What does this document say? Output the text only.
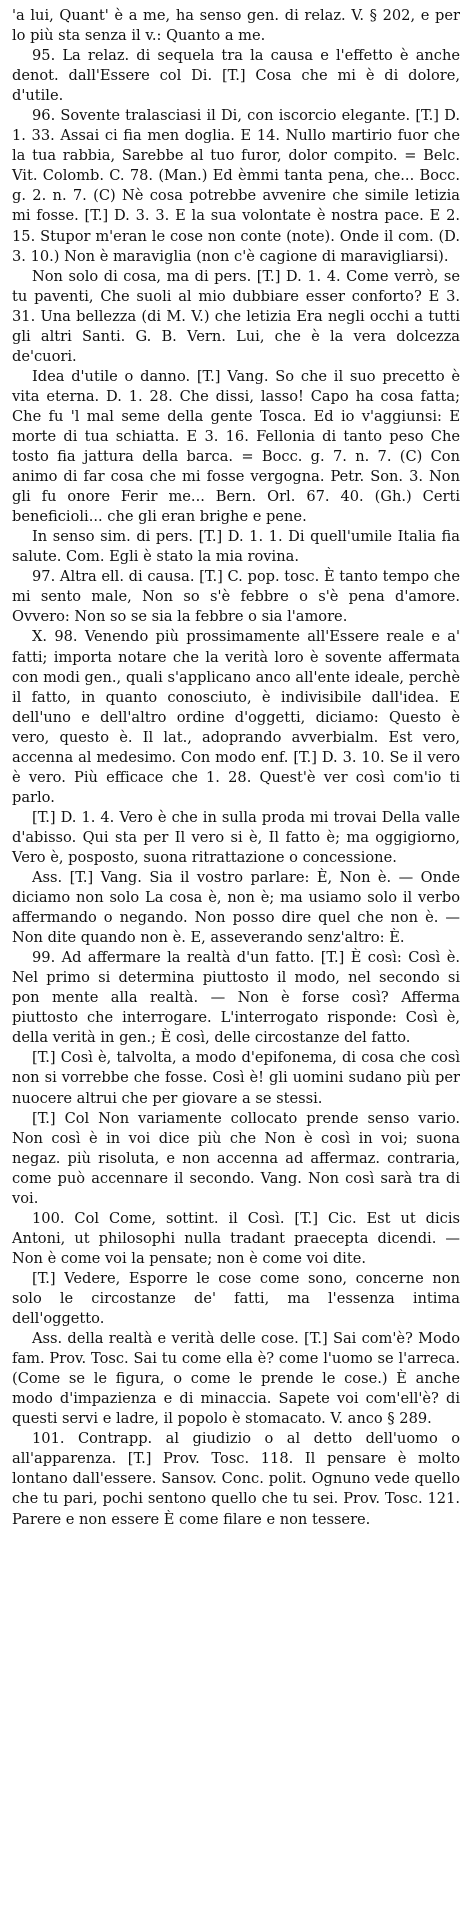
'a lui, Quant' è a me, ha senso gen. di relaz. V. § 202, e per lo più sta senza il v.: Quanto a me.

95. La relaz. di sequela tra la causa e l'effetto è anche denot. dall'Essere col Di. [T.] Cosa che mi è di dolore, d'utile.

96. Sovente tralasciasi il Di, con iscorcio elegante. [T.] D. 1. 33. Assai ci fia men doglia. E 14. Nullo martirio fuor che la tua rabbia, Sarebbe al tuo furor, dolor compito. = Belc. Vit. Colomb. C. 78. (Man.) Ed èmmi tanta pena, che... Bocc. g. 2. n. 7. (C) Nè cosa potrebbe avvenire che simile letizia mi fosse. [T.] D. 3. 3. E la sua volontate è nostra pace. E 2. 15. Stupor m'eran le cose non conte (note). Onde il com. (D. 3. 10.) Non è maraviglia (non c'è cagione di maravigliarsi).

Non solo di cosa, ma di pers. [T.] D. 1. 4. Come verrò, se tu paventi, Che suoli al mio dubbiare esser conforto? E 3. 31. Una bellezza (di M. V.) che letizia Era negli occhi a tutti gli altri Santi. G. B. Vern. Lui, che è la vera dolcezza de'cuori.

Idea d'utile o danno. [T.] Vang. So che il suo precetto è vita eterna. D. 1. 28. Che dissi, lasso! Capo ha cosa fatta; Che fu 'l mal seme della gente Tosca. Ed io v'aggiunsi: E morte di tua schiatta. E 3. 16. Fellonia di tanto peso Che tosto fia jattura della barca. = Bocc. g. 7. n. 7. (C) Con animo di far cosa che mi fosse vergogna. Petr. Son. 3. Non gli fu onore Ferir me... Bern. Orl. 67. 40. (Gh.) Certi beneficioli... che gli eran brighe e pene.

In senso sim. di pers. [T.] D. 1. 1. Di quell'umile Italia fia salute. Com. Egli è stato la mia rovina.

97. Altra ell. di causa. [T.] C. pop. tosc. È tanto tempo che mi sento male, Non so s'è febbre o s'è pena d'amore. Ovvero: Non so se sia la febbre o sia l'amore.

X. 98. Venendo più prossimamente all'Essere reale e a' fatti; importa notare che la verità loro è sovente affermata con modi gen., quali s'applicano anco all'ente ideale, perchè il fatto, in quanto conosciuto, è indivisibile dall'idea. E dell'uno e dell'altro ordine d'oggetti, diciamo: Questo è vero, questo è. Il lat., adoprando avverbialm. Est vero, accenna al medesimo. Con modo enf. [T.] D. 3. 10. Se il vero è vero. Più efficace che 1. 28. Quest'è ver così com'io ti parlo.

[T.] D. 1. 4. Vero è che in sulla proda mi trovai Della valle d'abisso. Qui sta per Il vero si è, Il fatto è; ma oggigiorno, Vero è, posposto, suona ritrattazione o concessione.

Ass. [T.] Vang. Sia il vostro parlare: È, Non è. — Onde diciamo non solo La cosa è, non è; ma usiamo solo il verbo affermando o negando. Non posso dire quel che non è. — Non dite quando non è. E, asseverando senz'altro: È.

99. Ad affermare la realtà d'un fatto. [T.] È così: Così è. Nel primo si determina piuttosto il modo, nel secondo si pon mente alla realtà. — Non è forse così? Afferma piuttosto che interrogare. L'interrogato risponde: Così è, della verità in gen.; È così, delle circostanze del fatto.

[T.] Così è, talvolta, a modo d'epifonema, di cosa che così non si vorrebbe che fosse. Così è! gli uomini sudano più per nuocere altrui che per giovare a se stessi.

[T.] Col Non variamente collocato prende senso vario. Non così è in voi dice più che Non è così in voi; suona negaz. più risoluta, e non accenna ad affermaz. contraria, come può accennare il secondo. Vang. Non così sarà tra di voi.

100. Col Come, sottint. il Così. [T.] Cic. Est ut dicis Antoni, ut philosophi nulla tradant praecepta dicendi. — Non è come voi la pensate; non è come voi dite.

[T.] Vedere, Esporre le cose come sono, concerne non solo le circostanze de' fatti, ma l'essenza intima dell'oggetto.

Ass. della realtà e verità delle cose. [T.] Sai com'è? Modo fam. Prov. Tosc. Sai tu come ella è? come l'uomo se l'arreca. (Come se le figura, o come le prende le cose.) È anche modo d'impazienza e di minaccia. Sapete voi com'ell'è? di questi servi e ladre, il popolo è stomacato. V. anco § 289.

101. Contrapp. al giudizio o al detto dell'uomo o all'apparenza. [T.] Prov. Tosc. 118. Il pensare è molto lontano dall'essere. Sansov. Conc. polit. Ognuno vede quello che tu pari, pochi sentono quello che tu sei. Prov. Tosc. 121. Parere e non essere È come filare e non tessere.
